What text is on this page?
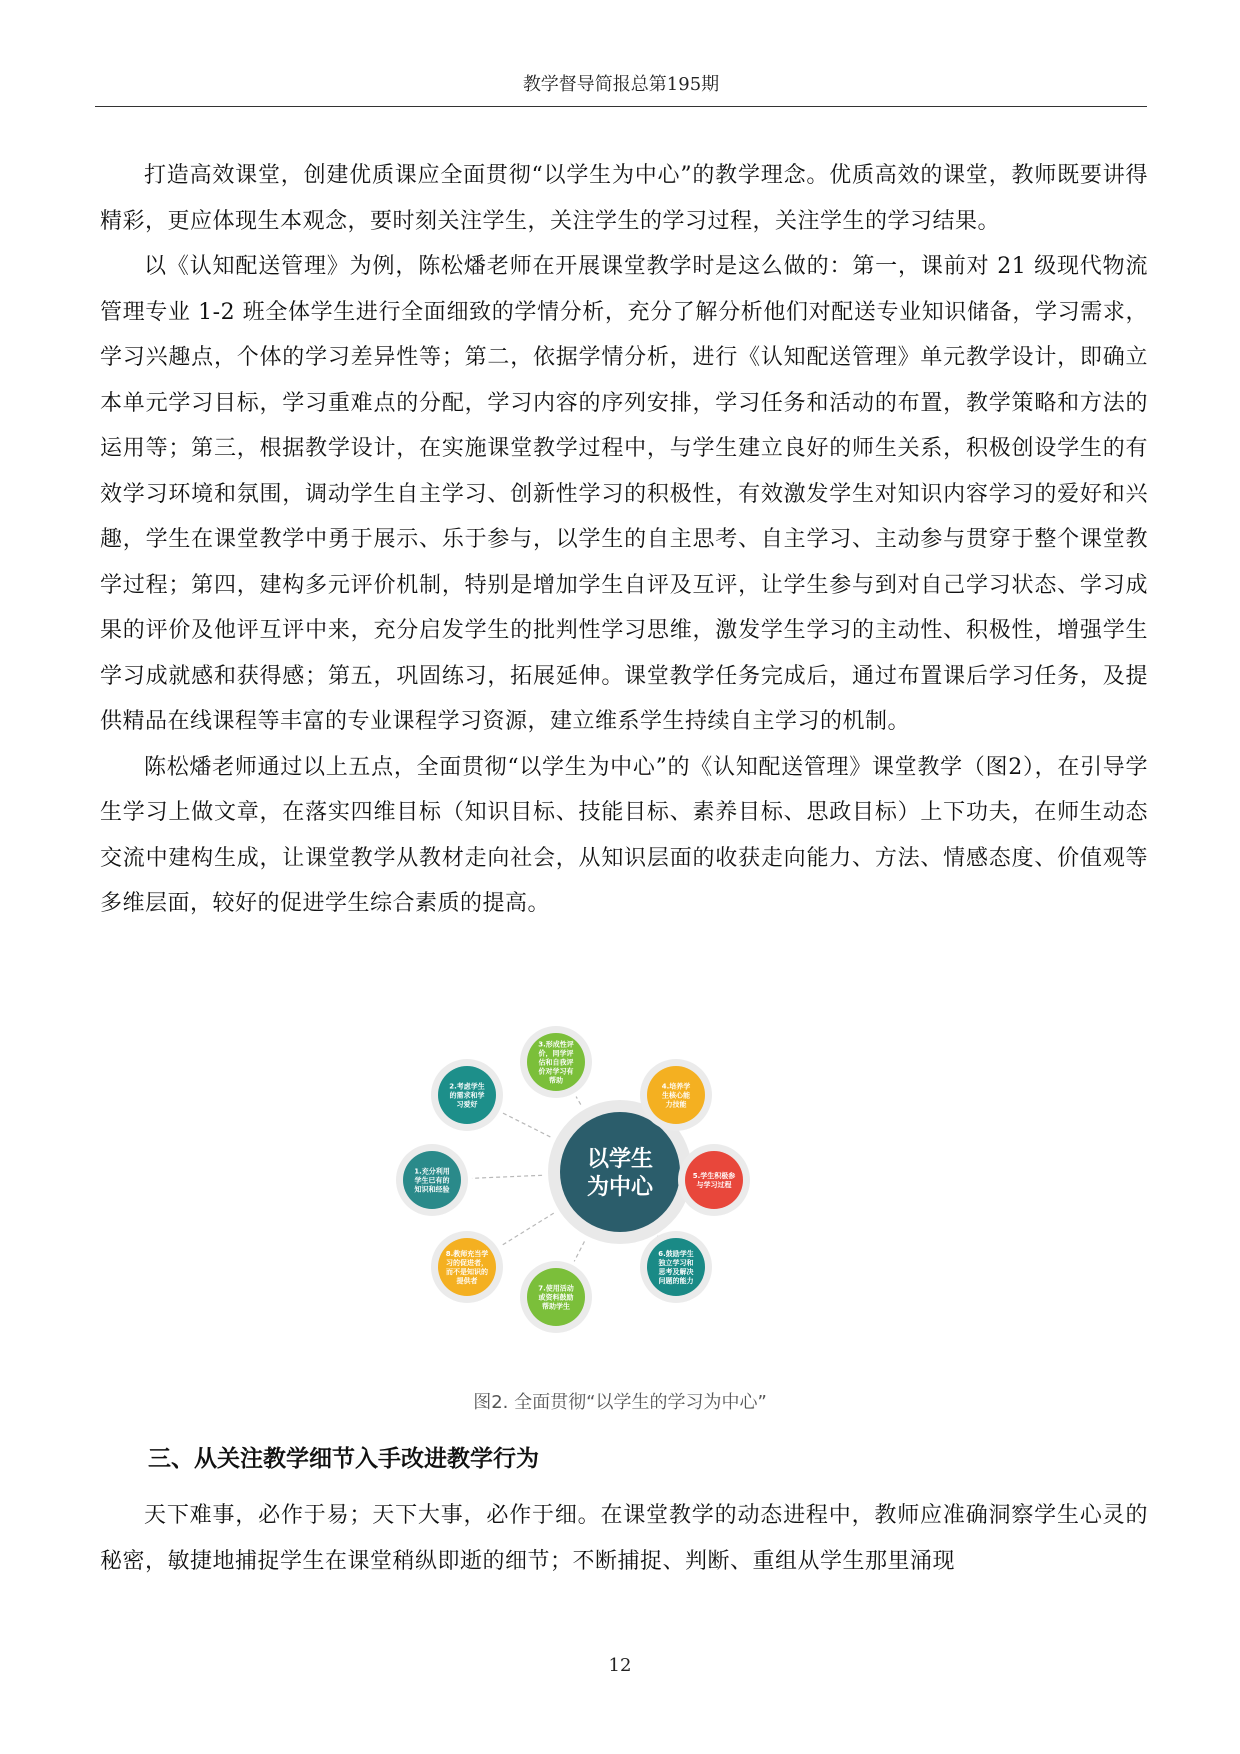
教学督导简报总第195期

打造高效课堂，创建优质课应全面贯彻“以学生为中心”的教学理念。优质高效的课堂，教师既要讲得精彩，更应体现生本观念，要时刻关注学生，关注学生的学习过程，关注学生的学习结果。

以《认知配送管理》为例，陈松燔老师在开展课堂教学时是这么做的：第一，课前对 21 级现代物流管理专业 1-2 班全体学生进行全面细致的学情分析，充分了解分析他们对配送专业知识储备，学习需求，学习兴趣点，个体的学习差异性等；第二，依据学情分析，进行《认知配送管理》单元教学设计，即确立本单元学习目标，学习重难点的分配，学习内容的序列安排，学习任务和活动的布置，教学策略和方法的运用等；第三，根据教学设计，在实施课堂教学过程中，与学生建立良好的师生关系，积极创设学生的有效学习环境和氛围，调动学生自主学习、创新性学习的积极性，有效激发学生对知识内容学习的爱好和兴趣，学生在课堂教学中勇于展示、乐于参与，以学生的自主思考、自主学习、主动参与贯穿于整个课堂教学过程；第四，建构多元评价机制，特别是增加学生自评及互评，让学生参与到对自己学习状态、学习成果的评价及他评互评中来，充分启发学生的批判性学习思维，激发学生学习的主动性、积极性，增强学生学习成就感和获得感；第五，巩固练习，拓展延伸。课堂教学任务完成后，通过布置课后学习任务，及提供精品在线课程等丰富的专业课程学习资源，建立维系学生持续自主学习的机制。

陈松燔老师通过以上五点，全面贯彻“以学生为中心”的《认知配送管理》课堂教学（图2），在引导学生学习上做文章，在落实四维目标（知识目标、技能目标、素养目标、思政目标）上下功夫，在师生动态交流中建构生成，让课堂教学从教材走向社会，从知识层面的收获走向能力、方法、情感态度、价值观等多维层面，较好的促进学生综合素质的提高。

以学生
为中心
1.充分利用
学生已有的
知识和经验
2.考虑学生
的需求和学
习爱好
3.形成性评
价，同学评
估和自我评
价对学习有
帮助
4.培养学
生核心能
力技能
5.学生积极参
与学习过程
6.鼓励学生
独立学习和
思考及解决
问题的能力
7.使用活动
或资料鼓励
帮助学生
8.教师充当学
习的促进者，
而不是知识的
提供者
图2. 全面贯彻“以学生的学习为中心”
三、从关注教学细节入手改进教学行为

天下难事，必作于易；天下大事，必作于细。在课堂教学的动态进程中，教师应准确洞察学生心灵的秘密，敏捷地捕捉学生在课堂稍纵即逝的细节；不断捕捉、判断、重组从学生那里涌现

12
